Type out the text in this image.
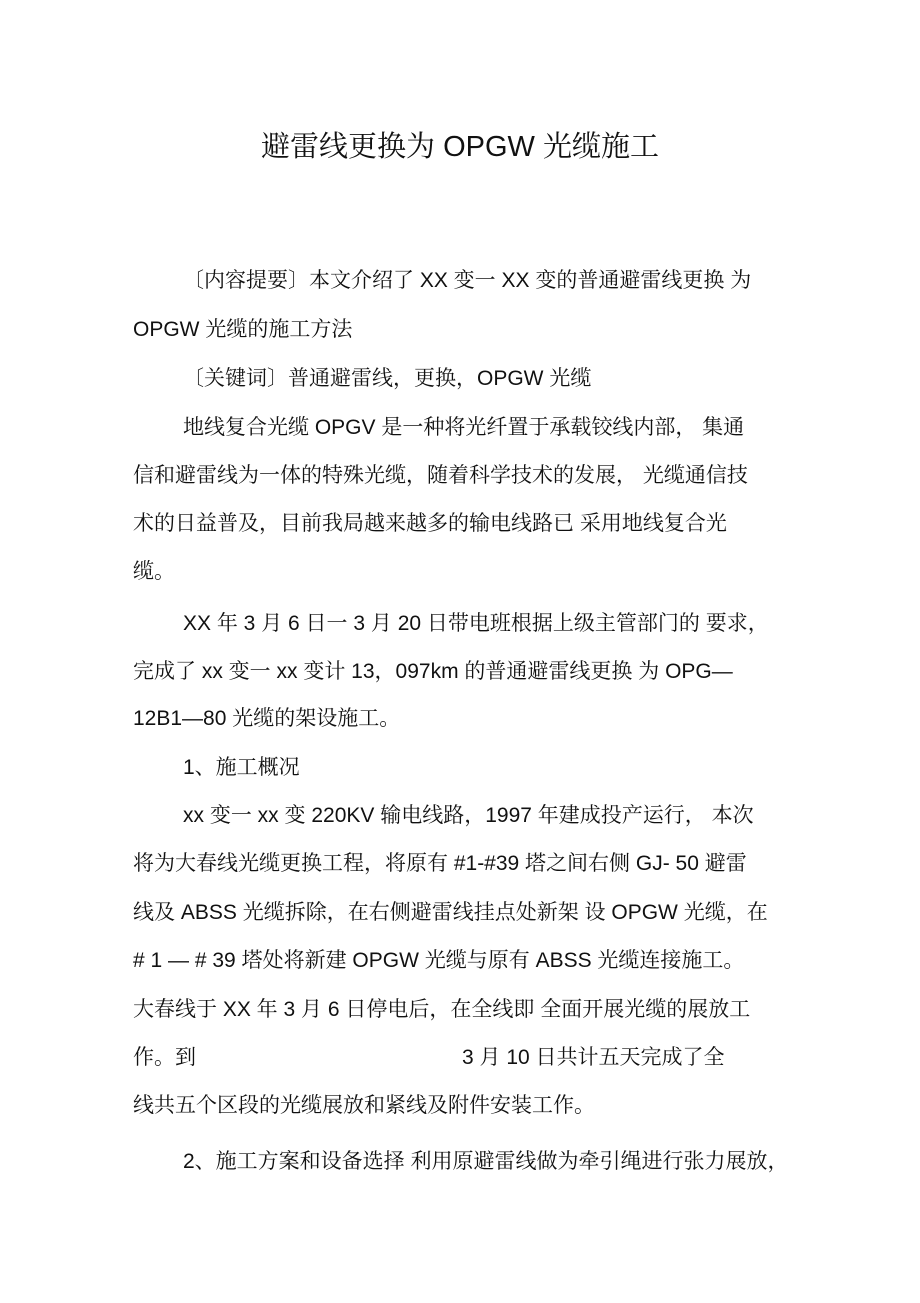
避雷线更换为 OPGW 光缆施工
〔内容提要〕本文介绍了 XX 变一 XX 变的普通避雷线更换 为
OPGW 光缆的施工方法
〔关键词〕普通避雷线，更换，OPGW 光缆
地线复合光缆 OPGV 是一种将光纤置于承载铰线内部， 集通
信和避雷线为一体的特殊光缆，随着科学技术的发展， 光缆通信技
术的日益普及，目前我局越来越多的输电线路已 采用地线复合光
缆。
XX 年 3 月 6 日一 3 月 20 日带电班根据上级主管部门的 要求，
完成了 xx 变一 xx 变计 13，097km 的普通避雷线更换 为 OPG—
12B1—80 光缆的架设施工。
1、施工概况
xx 变一 xx 变 220KV 输电线路，1997 年建成投产运行， 本次
将为大春线光缆更换工程，将原有 #1-#39 塔之间右侧 GJ- 50 避雷
线及 ABSS 光缆拆除，在右侧避雷线挂点处新架 设 OPGW 光缆，在
# 1 — # 39 塔处将新建 OPGW 光缆与原有 ABSS 光缆连接施工。
大春线于 XX 年 3 月 6 日停电后，在全线即 全面开展光缆的展放工
作。到	3 月 10 日共计五天完成了全
线共五个区段的光缆展放和紧线及附件安装工作。
2、施工方案和设备选择 利用原避雷线做为牵引绳进行张力展放，
